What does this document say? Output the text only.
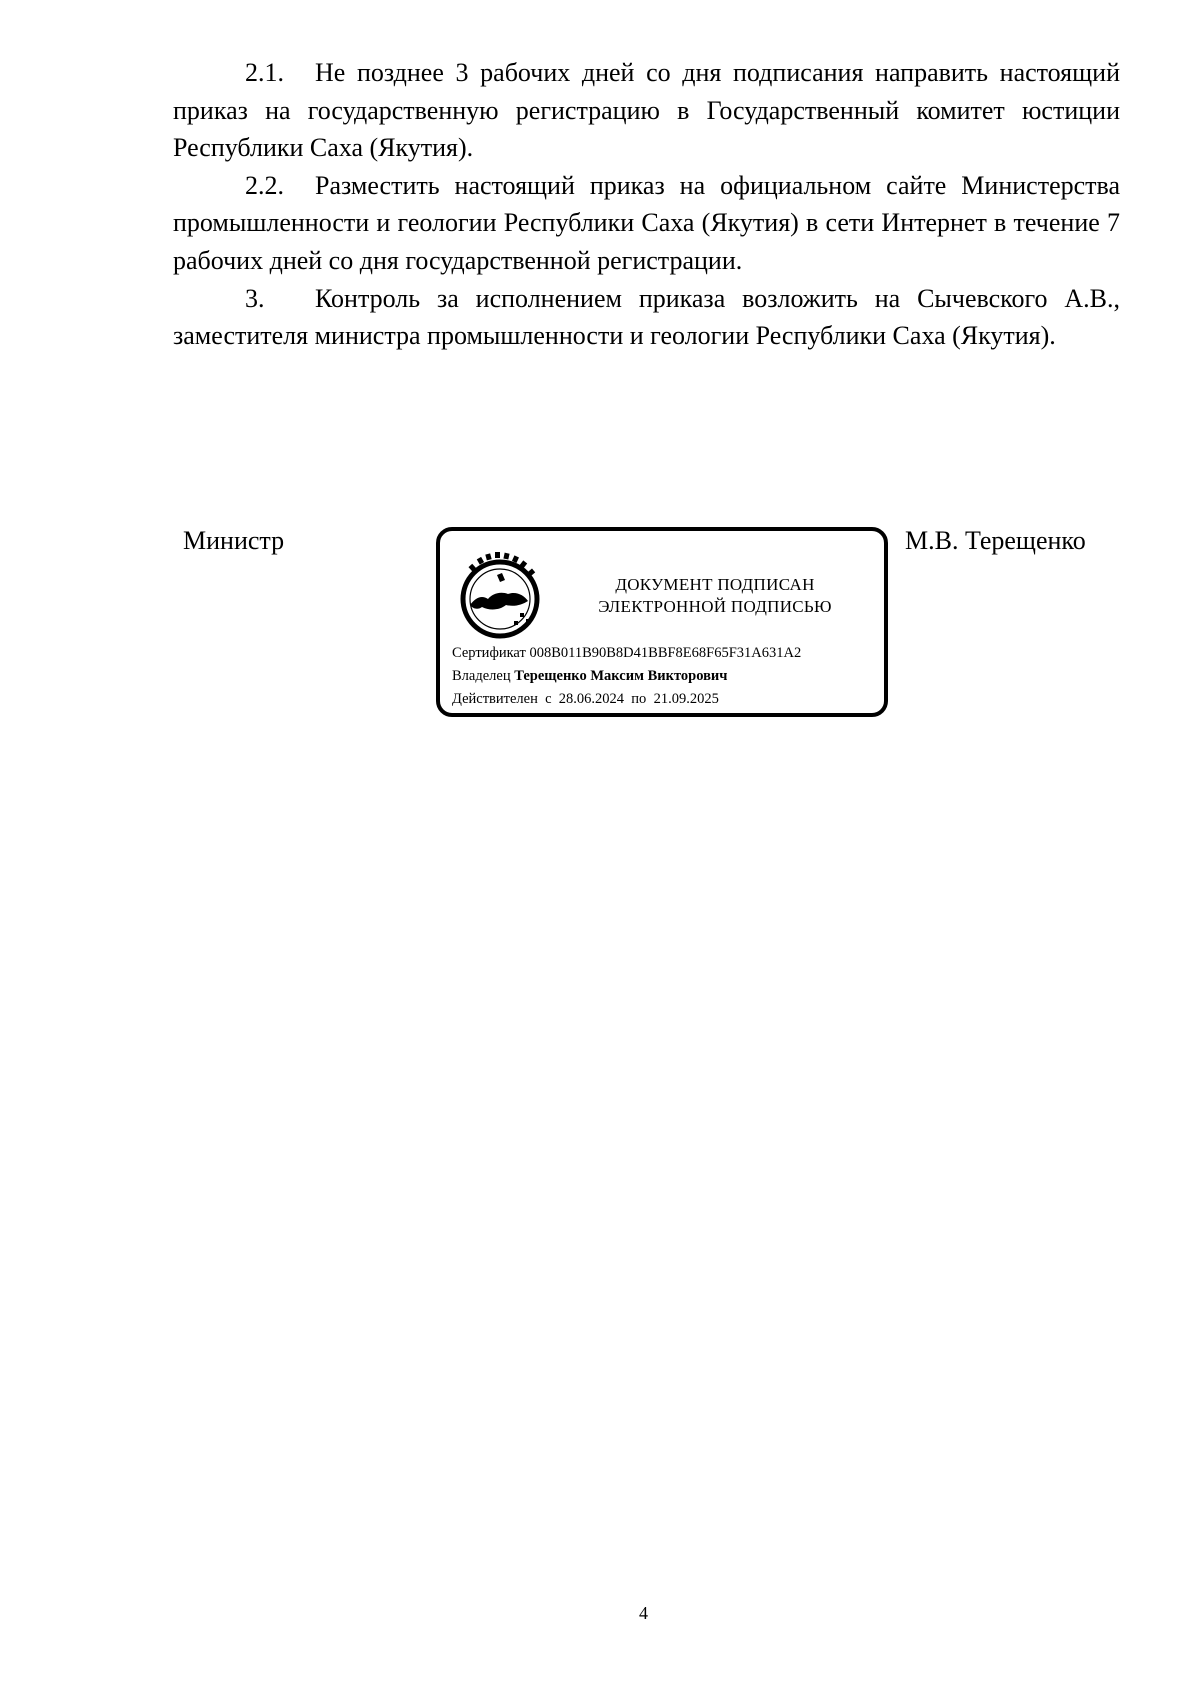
2.1. Не позднее 3 рабочих дней со дня подписания направить настоящий приказ на государственную регистрацию в Государственный комитет юстиции Республики Саха (Якутия).

2.2. Разместить настоящий приказ на официальном сайте Министерства промышленности и геологии Республики Саха (Якутия) в сети Интернет в течение 7 рабочих дней со дня государственной регистрации.

3. Контроль за исполнением приказа возложить на Сычевского А.В., заместителя министра промышленности и геологии Республики Саха (Якутия).

Министр	М.В. Терещенко
ДОКУМЕНТ ПОДПИСАН
ЭЛЕКТРОННОЙ ПОДПИСЬЮ
Сертификат 008B011B90B8D41BBF8E68F65F31A631A2
Владелец Терещенко Максим Викторович
Действителен с 28.06.2024 по 21.09.2025
4
